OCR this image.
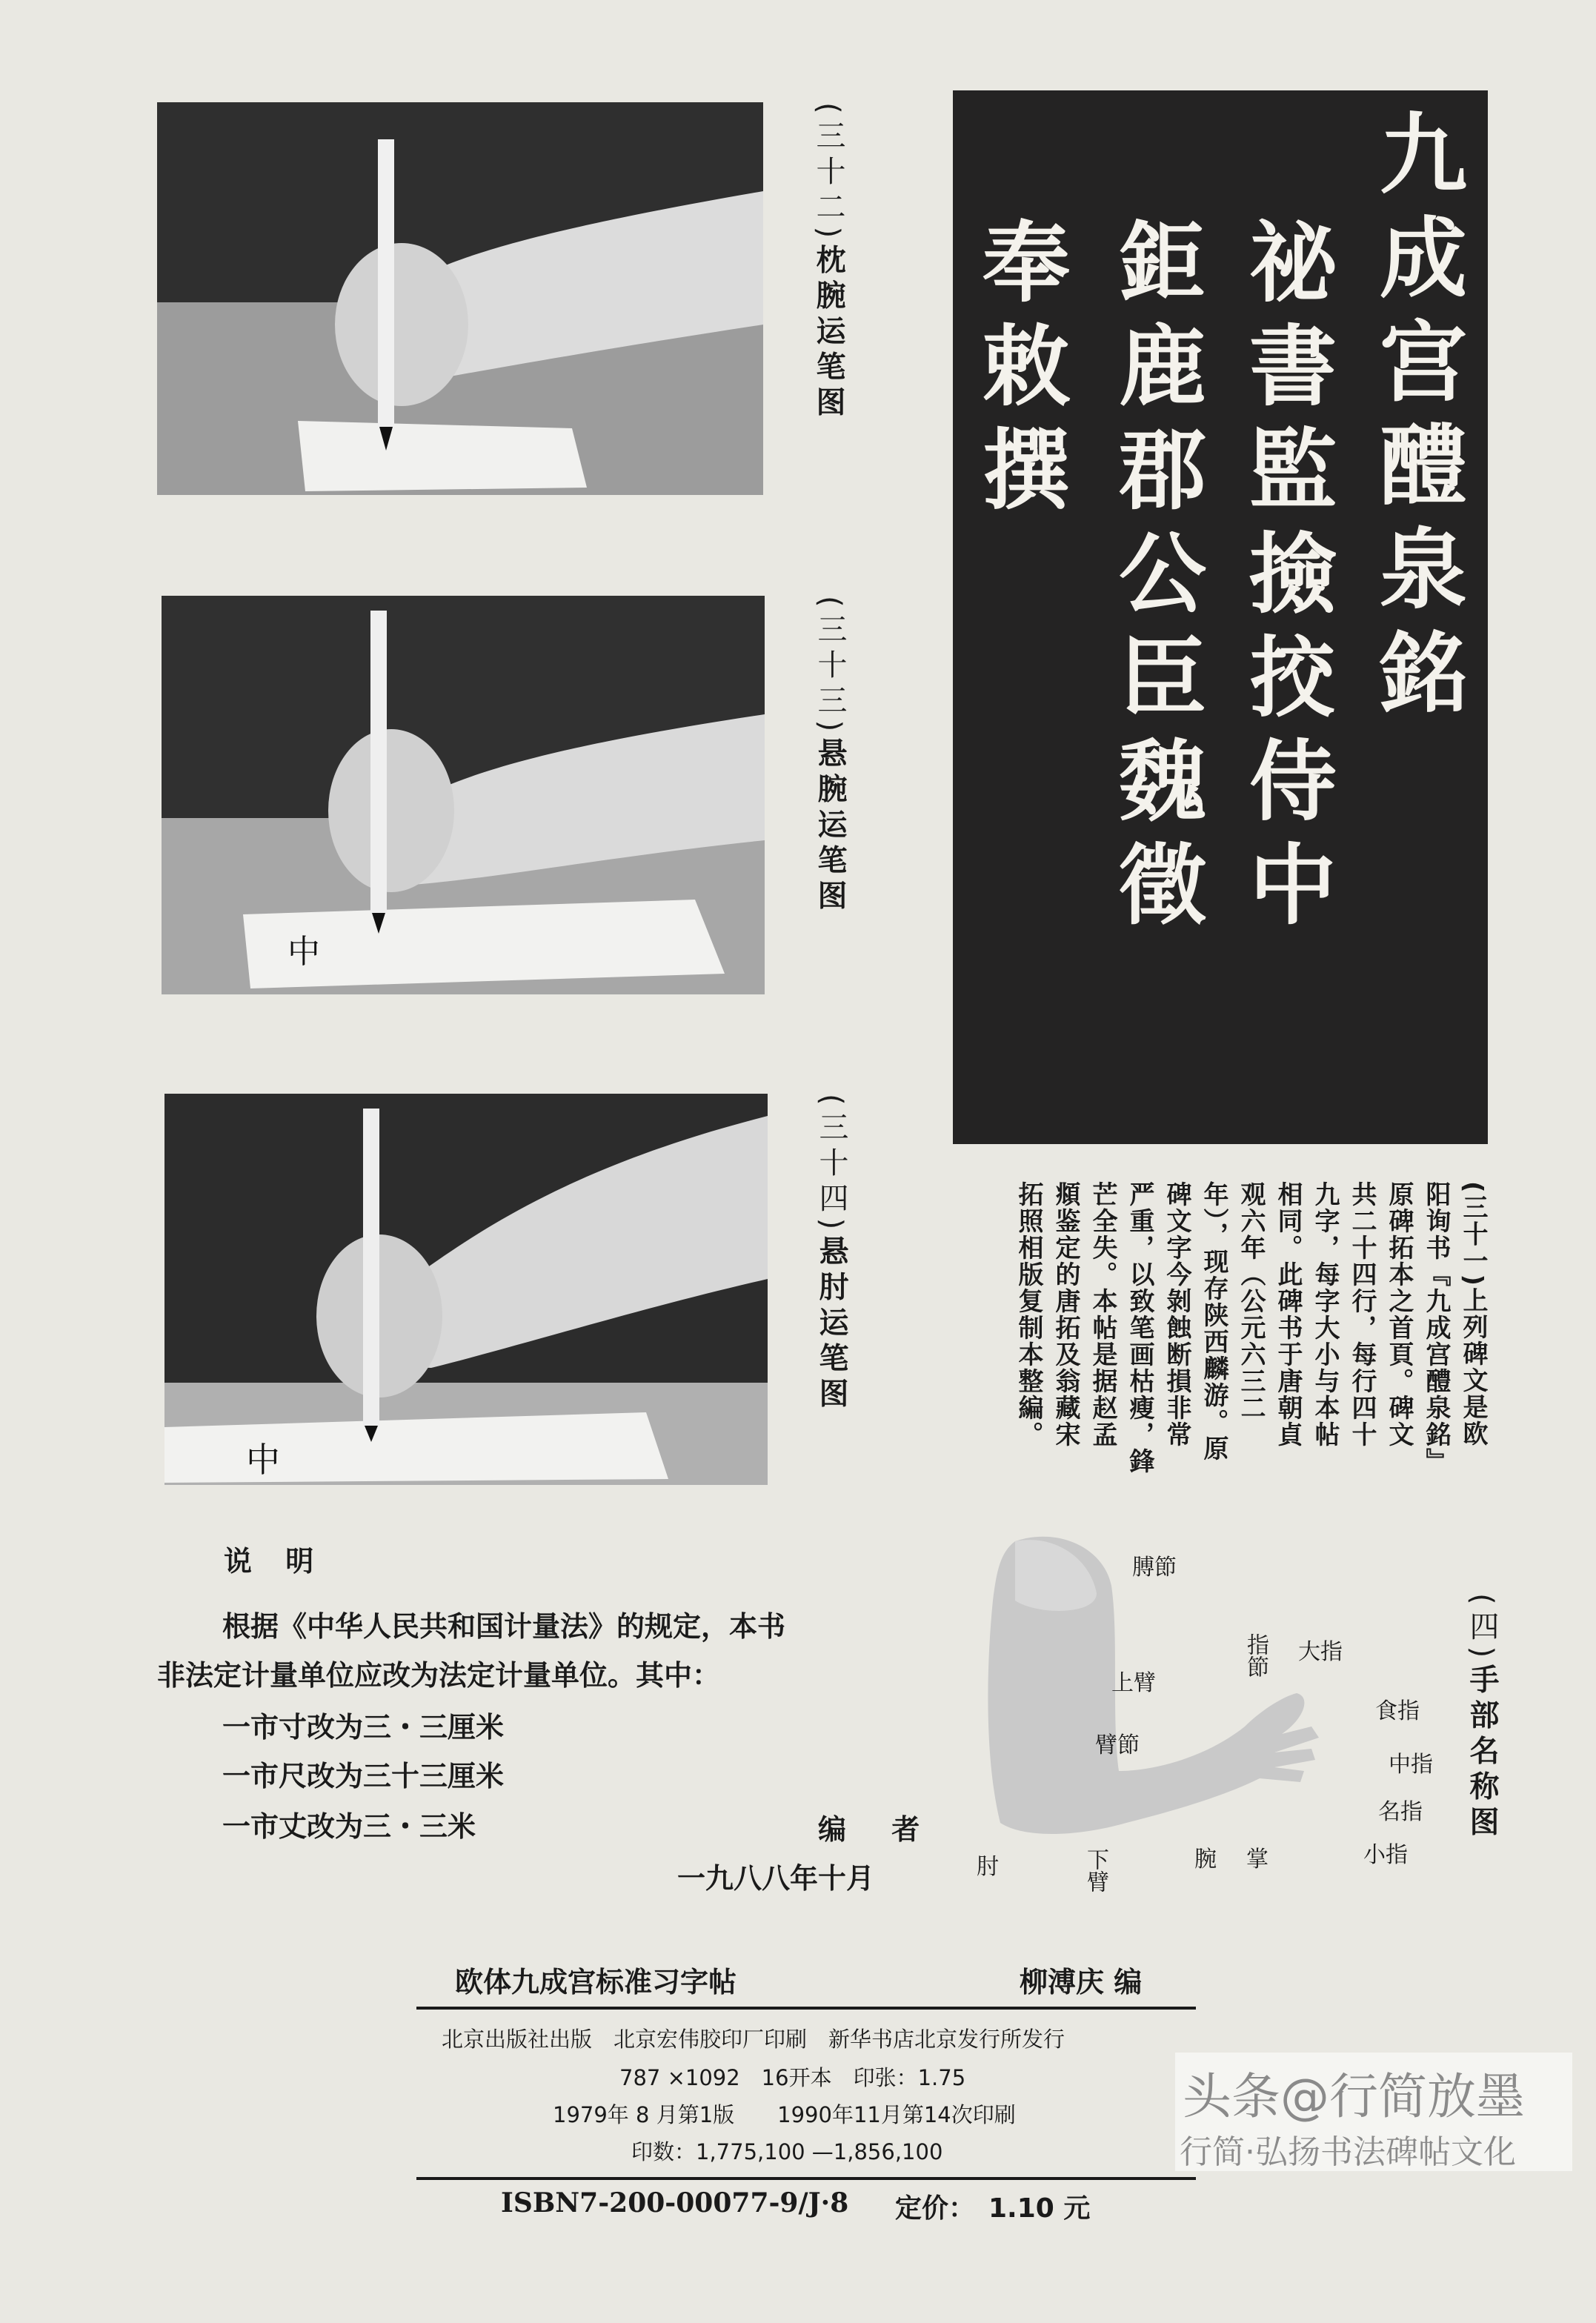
(三十二)枕腕运笔图
中
(三十三)悬腕运笔图
中
(三十四)悬肘运笔图
九成宫醴泉銘
祕書監撿挍侍中
鉅鹿郡公臣魏徵
奉敕撰
(三十一)上列碑文是欧
阳询书『九成宫醴泉銘』
原碑拓本之首頁。碑文
共二十四行，每行四十
九字，每字大小与本帖
相同。此碑书于唐朝貞
观六年（公元六三二
年），现存陕西麟游。原
碑文字今剝蝕断損非常
严重，以致笔画枯瘦，鋒
芒全失。本帖是据赵孟
頫鉴定的唐拓及翁藏宋
拓照相版复制本整編。
膊節
上臂
臂節
肘	下臂	腕 掌
指節 大指
食指
中指
名指
小指
(四)手部名称图
说 明
根据《中华人民共和国计量法》的规定，本书
非法定计量单位应改为法定计量单位。其中：
一市寸改为三・三厘米
一市尺改为三十三厘米
一市丈改为三・三米	编 者
一九八八年十月
欧体九成宫标准习字帖	柳溥庆 编
北京出版社出版　北京宏伟胶印厂印刷　新华书店北京发行所发行
787 ×1092　16开本　印张：1.75
1979年 8 月第1版　　1990年11月第14次印刷
印数：1,775,100 —1,856,100
ISBN7-200-00077-9/J·8 定价：　1.10 元
头条@行简放墨
行简·弘扬书法碑帖文化
